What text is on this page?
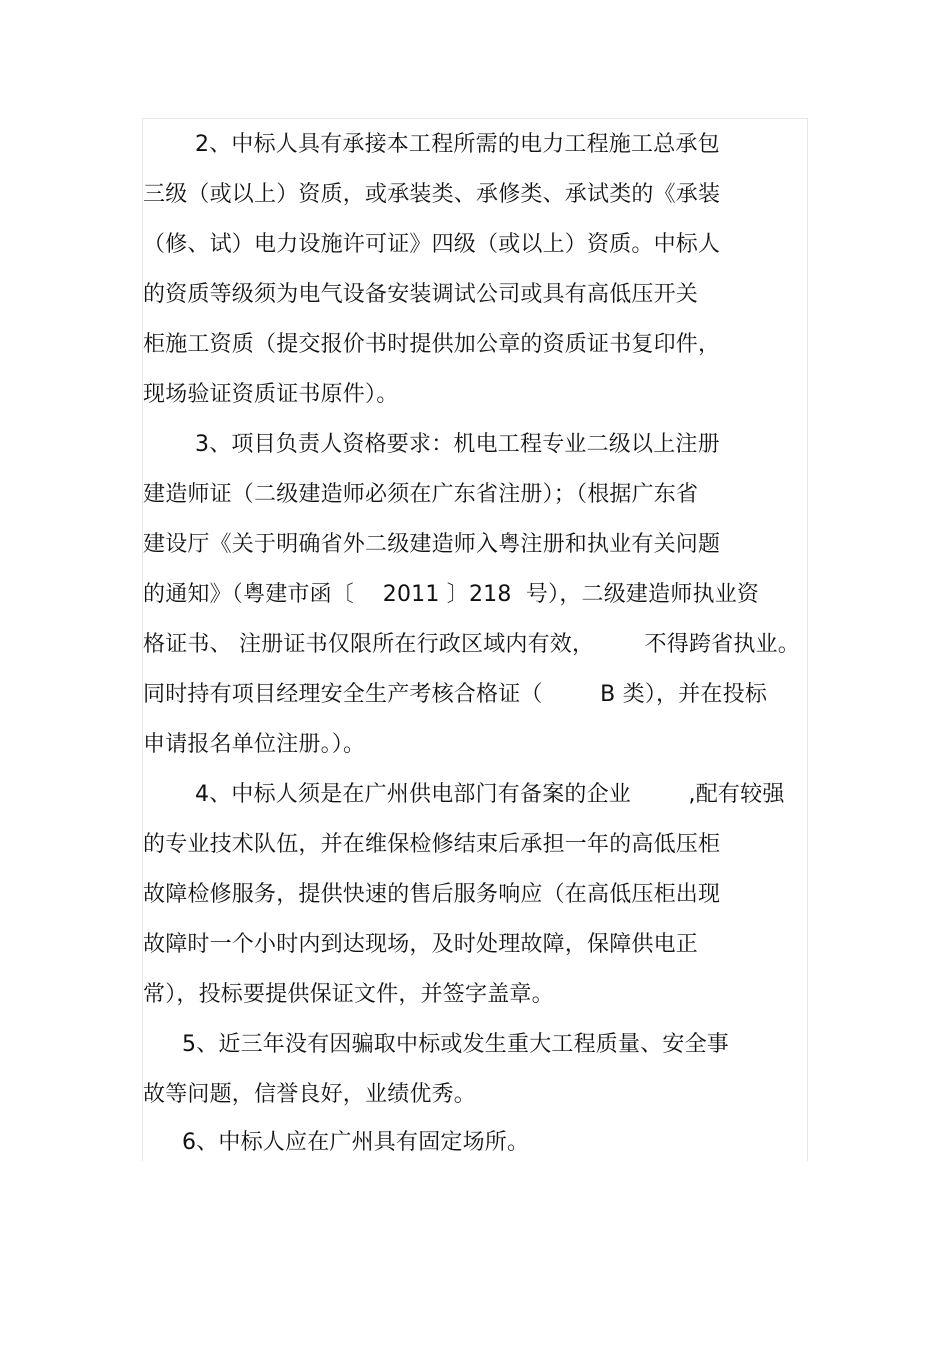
2、中标人具有承接本工程所需的电力工程施工总承包
三级（或以上）资质，或承装类、承修类、承试类的《承装
（修、试）电力设施许可证》四级（或以上）资质。中标人
的资质等级须为电气设备安装调试公司或具有高低压开关
柜施工资质（提交报价书时提供加公章的资质证书复印件，
现场验证资质证书原件）。
3、项目负责人资格要求：机电工程专业二级以上注册
建造师证（二级建造师必须在广东省注册）；（根据广东省
建设厅《关于明确省外二级建造师入粤注册和执业有关问题
的通知》（粤建市函〔    2011 〕218  号），二级建造师执业资
格证书、 注册证书仅限所在行政区域内有效，       不得跨省执业。
同时持有项目经理安全生产考核合格证（        B 类），并在投标
申请报名单位注册。）。
4、中标人须是在广州供电部门有备案的企业        ,配有较强
的专业技术队伍，并在维保检修结束后承担一年的高低压柜
故障检修服务，提供快速的售后服务响应（在高低压柜出现
故障时一个小时内到达现场，及时处理故障，保障供电正
常），投标要提供保证文件，并签字盖章。
5、近三年没有因骗取中标或发生重大工程质量、安全事
故等问题，信誉良好，业绩优秀。
6、中标人应在广州具有固定场所。
